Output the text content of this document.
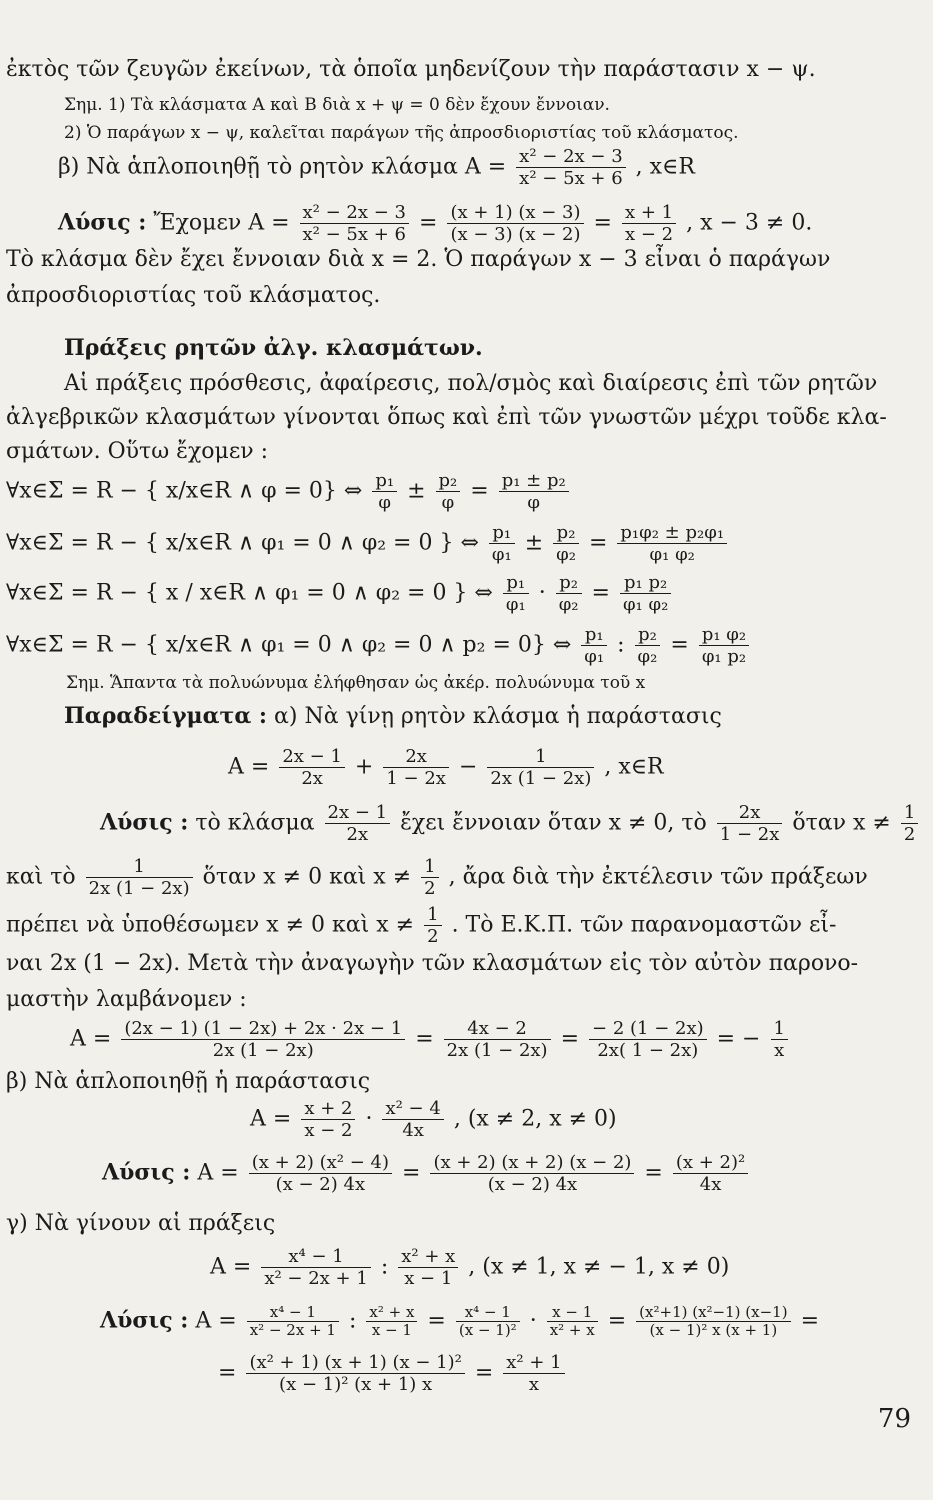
ἐκτὸς τῶν ζευγῶν ἐκείνων, τὰ ὁποῖα μηδενίζουν τὴν παράστασιν x − ψ.
Σημ. 1) Τὰ κλάσματα A καὶ B διὰ x + ψ = 0 δὲν ἔχουν ἔννοιαν.
2) Ὁ παράγων x − ψ, καλεῖται παράγων τῆς ἀπροσδιοριστίας τοῦ κλάσματος.
β) Νὰ ἁπλοποιηθῇ τὸ ρητὸν κλάσμα $A = \frac{\text{x² − 2x − 3}}{\text{x² − 5x + 6}}$ , x∈R
Λύσις : Ἔχομεν $A = \frac{\text{x² − 2x − 3}}{\text{x² − 5x + 6}} = \frac{(x + 1) (x - 3)}{(x - 3) (x - 2)} = \frac{x + 1}{x - 2}$ , x − 3 ≠ 0.
Τὸ κλάσμα δὲν ἔχει ἔννοιαν διὰ x = 2. Ὁ παράγων x − 3 εἶναι ὁ παράγων
ἀπροσδιοριστίας τοῦ κλάσματος.
Πράξεις ρητῶν ἀλγ. κλασμάτων.
Αἱ πράξεις πρόσθεσις, ἀφαίρεσις, πολ/σμὸς καὶ διαίρεσις ἐπὶ τῶν ρητῶν
ἀλγεβρικῶν κλασμάτων γίνονται ὅπως καὶ ἐπὶ τῶν γνωστῶν μέχρι τοῦδε κλα-
σμάτων. Οὕτω ἔχομεν :
∀x∈Σ = R − { x/x∈R ∧ φ = 0} ⇔ $\frac{\text{p₁}}{\varphi} \pm \frac{\text{p₂}}{\varphi} = \frac{\text{p₁ ± p₂}}{\varphi}$
∀x∈Σ = R − { x/x∈R ∧ φ₁ = 0 ∧ φ₂ = 0 } ⇔ $\frac{\text{p₁}}{\text{φ₁}} \pm \frac{\text{p₂}}{\text{φ₂}} = \frac{\text{p₁φ₂ ± p₂φ₁}}{\text{φ₁ φ₂}}$
∀x∈Σ = R − { x / x∈R ∧ φ₁ = 0 ∧ φ₂ = 0 } ⇔ $\frac{\text{p₁}}{\text{φ₁}} \cdot \frac{\text{p₂}}{\text{φ₂}} = \frac{\text{p₁ p₂}}{\text{φ₁ φ₂}}$
∀x∈Σ = R − { x/x∈R ∧ φ₁ = 0 ∧ φ₂ = 0 ∧ p₂ = 0} ⇔ $\frac{\text{p₁}}{\text{φ₁}}$ : $\frac{\text{p₂}}{\text{φ₂}} = \frac{\text{p₁ φ₂}}{\text{φ₁ p₂}}$
Σημ. Ἅπαντα τὰ πολυώνυμα ἐλήφθησαν ὡς ἀκέρ. πολυώνυμα τοῦ x
Παραδείγματα : α) Νὰ γίνῃ ρητὸν κλάσμα ἡ παράστασις
$A = \frac{2x - 1}{2x} + \frac{2x}{1 - 2x} - \frac{1}{2x (1 - 2x)}$ , x∈R
Λύσις : τὸ κλάσμα $\frac{2x - 1}{2x}$ ἔχει ἔννοιαν ὅταν x ≠ 0, τὸ $\frac{2x}{1 - 2x}$ ὅταν $x \ne \frac{1}{2}$
καὶ τὸ $\frac{1}{2x (1 - 2x)}$ ὅταν x ≠ 0 καὶ $x \ne \frac{1}{2}$ , ἄρα διὰ τὴν ἐκτέλεσιν τῶν πράξεων
πρέπει νὰ ὑποθέσωμεν x ≠ 0 καὶ $x \ne \frac{1}{2}$ . Τὸ Ε.Κ.Π. τῶν παρανομαστῶν εἶ-
ναι 2x (1 − 2x). Μετὰ τὴν ἀναγωγὴν τῶν κλασμάτων εἰς τὸν αὐτὸν παρονο-
μαστὴν λαμβάνομεν :
$A = \frac{(2x - 1) (1 - 2x) + 2x \cdot 2x - 1}{2x (1 - 2x)} = \frac{4x - 2}{2x (1 - 2x)} = \frac{- 2 (1 - 2x)}{2x( 1 - 2x)}$ = − $\frac{1}{x}$
β) Νὰ ἁπλοποιηθῇ ἡ παράστασις
$A = \frac{x + 2}{x - 2} \cdot \frac{\text{x² − 4}}{4x}$ , (x ≠ 2, x ≠ 0)
Λύσις : $A = \frac{\text{(x + 2) (x² − 4)}}{(x - 2) 4x} = \frac{(x + 2) (x + 2) (x - 2)}{(x - 2) 4x} = \frac{\text{(x + 2)²}}{4x}$
γ) Νὰ γίνουν αἱ πράξεις
$A = \frac{\text{x⁴ − 1}}{\text{x² − 2x + 1}}$ : $\frac{\text{x² + x}}{x - 1}$ , (x ≠ 1, x ≠ − 1, x ≠ 0)
Λύσις : $A = \frac{\text{x⁴ − 1}}{\text{x² − 2x + 1}}$ : $\frac{\text{x² + x}}{x - 1} = \frac{\text{x⁴ − 1}}{\text{(x − 1)²}} \cdot \frac{x - 1}{\text{x² + x}} = \frac{\text{(x²+1) (x²−1) (x−1)}}{\text{(x − 1)² x (x + 1)}}$ =
= $\frac{\text{(x² + 1) (x + 1) (x − 1)²}}{\text{(x − 1)² (x + 1) x}} = \frac{\text{x² + 1}}{x}$
79
